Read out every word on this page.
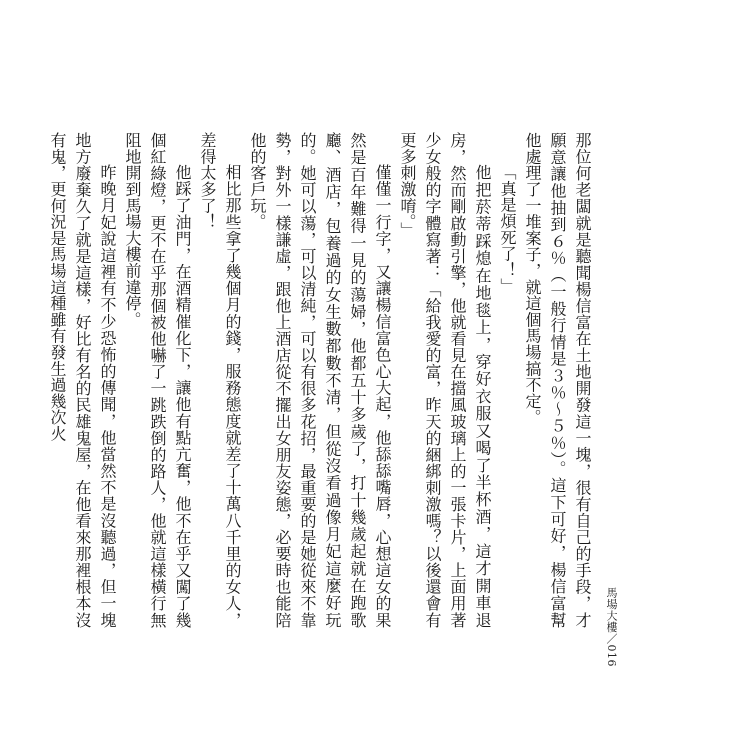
馬場大樓／016

那位何老闆就是聽聞楊信富在土地開發這一塊，很有自己的手段，才願意讓他抽到６％（一般行情是３％～５％）。這下可好，楊信富幫他處理了一堆案子，就這個馬場搞不定。

「真是煩死了！」

他把菸蒂踩熄在地毯上，穿好衣服又喝了半杯酒，這才開車退房，然而剛啟動引擎，他就看見在擋風玻璃上的一張卡片，上面用著少女般的字體寫著：「給我愛的富，昨天的綑綁刺激嗎？以後還會有更多刺激唷。」

僅僅一行字，又讓楊信富色心大起，他舔舔嘴唇，心想這女的果然是百年難得一見的蕩婦，他都五十多歲了，打十幾歲起就在跑歌廳、酒店，包養過的女生數都數不清，但從沒看過像月妃這麼好玩的。她可以蕩，可以清純，可以有很多花招，最重要的是她從來不靠勢，對外一樣謙虛，跟他上酒店從不擺出女朋友姿態，必要時也能陪他的客戶玩。

相比那些拿了幾個月的錢，服務態度就差了十萬八千里的女人，差得太多了！

他踩了油門，在酒精催化下，讓他有點亢奮，他不在乎又闖了幾個紅綠燈，更不在乎那個被他嚇了一跳跌倒的路人，他就這樣橫行無阻地開到馬場大樓前違停。

昨晚月妃說這裡有不少恐怖的傳聞，他當然不是沒聽過，但一塊地方廢棄久了就是這樣，好比有名的民雄鬼屋，在他看來那裡根本沒有鬼，更何況是馬場這種雖有發生過幾次火
